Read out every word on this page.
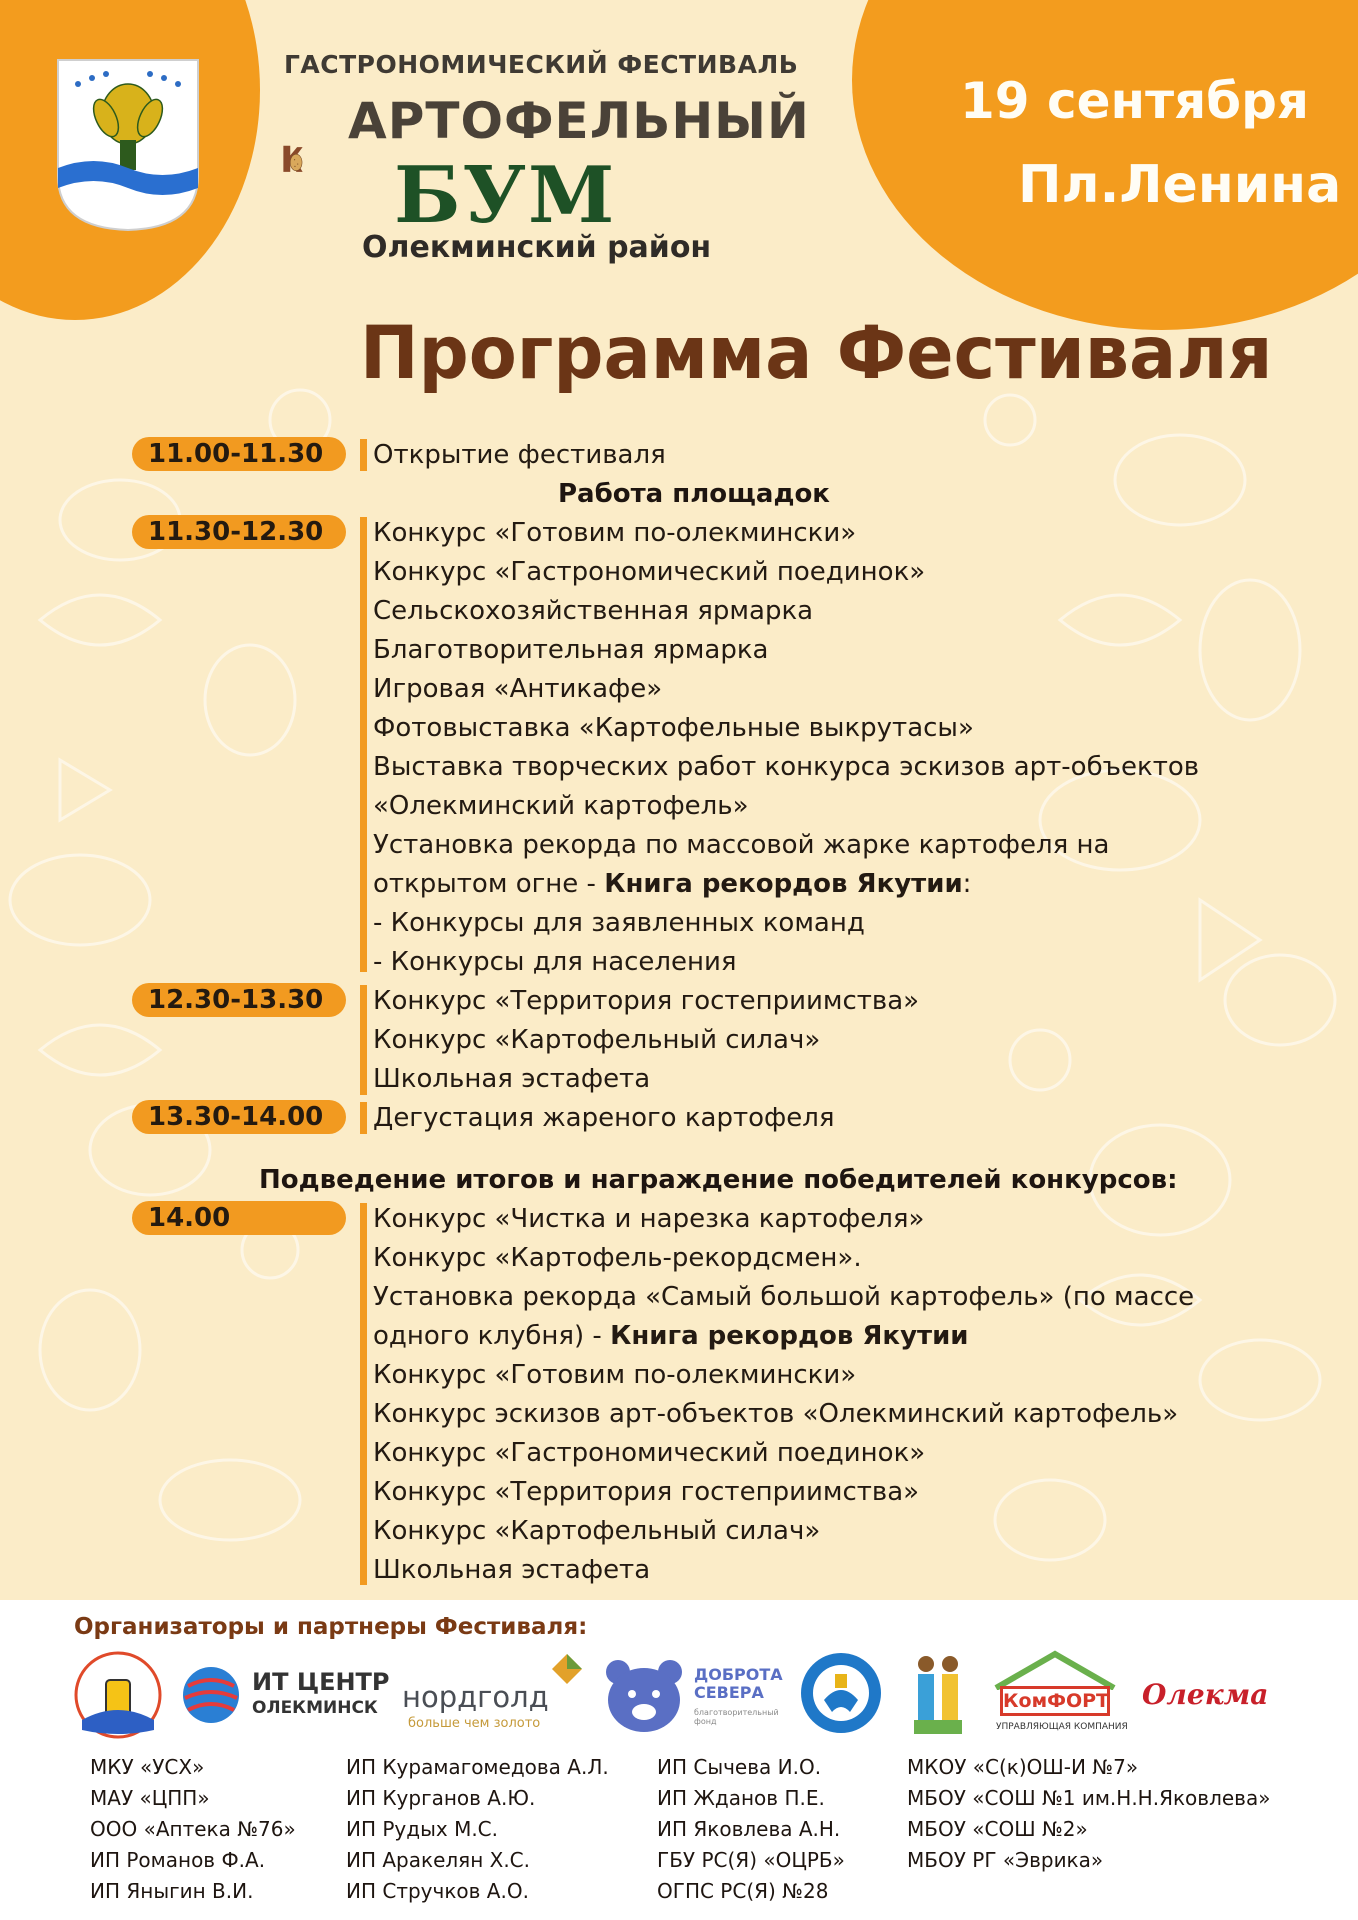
ГАСТРОНОМИЧЕСКИЙ ФЕСТИВАЛЬ
АРТОФЕЛЬНЫЙ
БУМ
Олекминский район
19 сентября
Пл.Ленина
Программа Фестиваля
11.00-11.30	Открытие фестиваля
Работа площадок
11.30-12.30	Конкурс «Готовим по-олекмински»
Конкурс «Гастрономический поединок»
Сельскохозяйственная ярмарка
Благотворительная ярмарка
Игровая «Антикафе»
Фотовыставка «Картофельные выкрутасы»
Выставка творческих работ конкурса эскизов арт-объектов
«Олекминский картофель»
Установка рекорда по массовой жарке картофеля на
открытом огне - Книга рекордов Якутии:
- Конкурсы для заявленных команд
- Конкурсы для населения
12.30-13.30	Конкурс «Территория гостеприимства»
Конкурс «Картофельный силач»
Школьная эстафета
13.30-14.00	Дегустация жареного картофеля
Подведение итогов и награждение победителей конкурсов:
14.00	Конкурс «Чистка и нарезка картофеля»
Конкурс «Картофель-рекордсмен».
Установка рекорда «Самый большой картофель» (по массе
одного клубня) - Книга рекордов Якутии
Конкурс «Готовим по-олекмински»
Конкурс эскизов арт-объектов «Олекминский картофель»
Конкурс «Гастрономический поединок»
Конкурс «Территория гостеприимства»
Конкурс «Картофельный силач»
Школьная эстафета
Организаторы и партнеры Фестиваля:
ИТ ЦЕНТР
ОЛЕКМИНСК нордголд
больше чем золото
ДОБРОТА СЕВЕРА
благотворительный фонд
КомФОРТ
УПРАВЛЯЮЩАЯ КОМПАНИЯ
Олекма
МКУ «УСХ»
МАУ «ЦПП»
ООО «Аптека №76»
ИП Романов Ф.А.
ИП Яныгин В.И.
ИП Курамагомедова А.Л.
ИП Курганов А.Ю.
ИП Рудых М.С.
ИП Аракелян Х.С.
ИП Стручков А.О.
ИП Сычева И.О.
ИП Жданов П.Е.
ИП Яковлева А.Н.
ГБУ РС(Я) «ОЦРБ»
ОГПС РС(Я) №28
МКОУ «С(к)ОШ-И №7»
МБОУ «СОШ №1 им.Н.Н.Яковлева»
МБОУ «СОШ №2»
МБОУ РГ «Эврика»
